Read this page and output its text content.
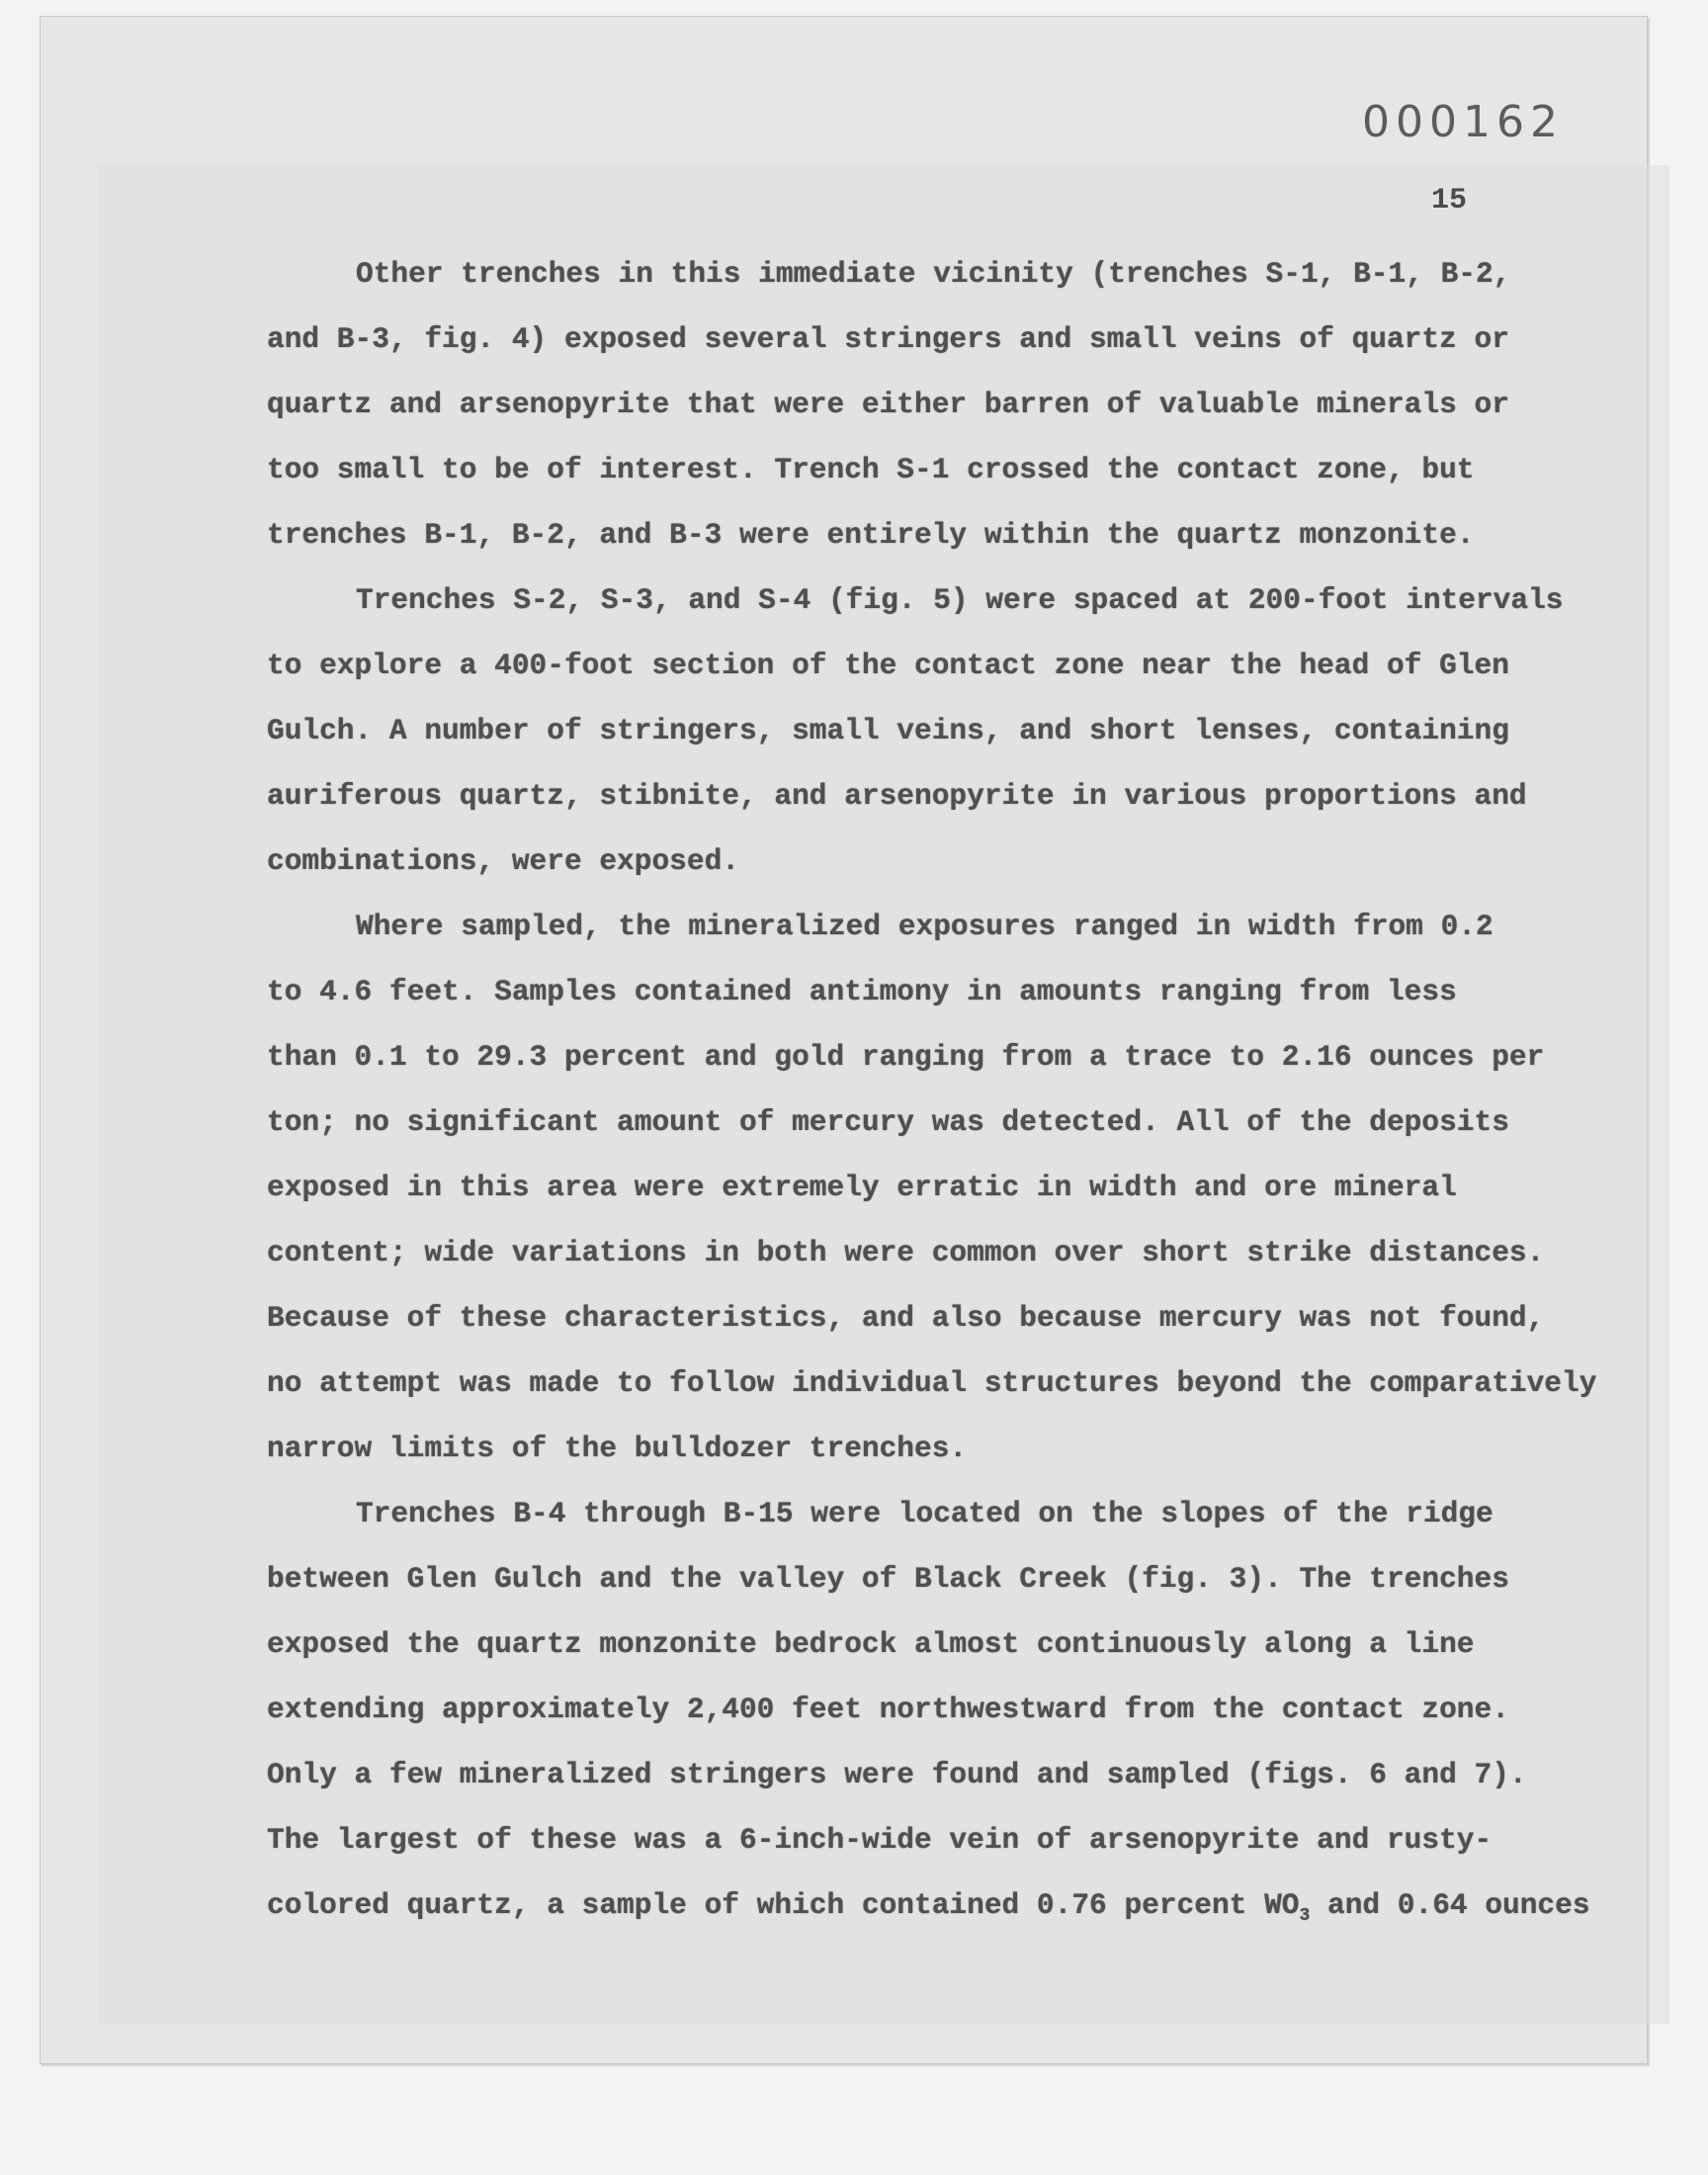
000162
15
Other trenches in this immediate vicinity (trenches S-1, B-1, B-2,
and B-3, fig. 4) exposed several stringers and small veins of quartz or
quartz and arsenopyrite that were either barren of valuable minerals or
too small to be of interest. Trench S-1 crossed the contact zone, but
trenches B-1, B-2, and B-3 were entirely within the quartz monzonite.
Trenches S-2, S-3, and S-4 (fig. 5) were spaced at 200-foot intervals
to explore a 400-foot section of the contact zone near the head of Glen
Gulch. A number of stringers, small veins, and short lenses, containing
auriferous quartz, stibnite, and arsenopyrite in various proportions and
combinations, were exposed.
Where sampled, the mineralized exposures ranged in width from 0.2
to 4.6 feet. Samples contained antimony in amounts ranging from less
than 0.1 to 29.3 percent and gold ranging from a trace to 2.16 ounces per
ton; no significant amount of mercury was detected. All of the deposits
exposed in this area were extremely erratic in width and ore mineral
content; wide variations in both were common over short strike distances.
Because of these characteristics, and also because mercury was not found,
no attempt was made to follow individual structures beyond the comparatively
narrow limits of the bulldozer trenches.
Trenches B-4 through B-15 were located on the slopes of the ridge
between Glen Gulch and the valley of Black Creek (fig. 3). The trenches
exposed the quartz monzonite bedrock almost continuously along a line
extending approximately 2,400 feet northwestward from the contact zone.
Only a few mineralized stringers were found and sampled (figs. 6 and 7).
The largest of these was a 6-inch-wide vein of arsenopyrite and rusty-
colored quartz, a sample of which contained 0.76 percent $WO_3$ and 0.64 ounces
